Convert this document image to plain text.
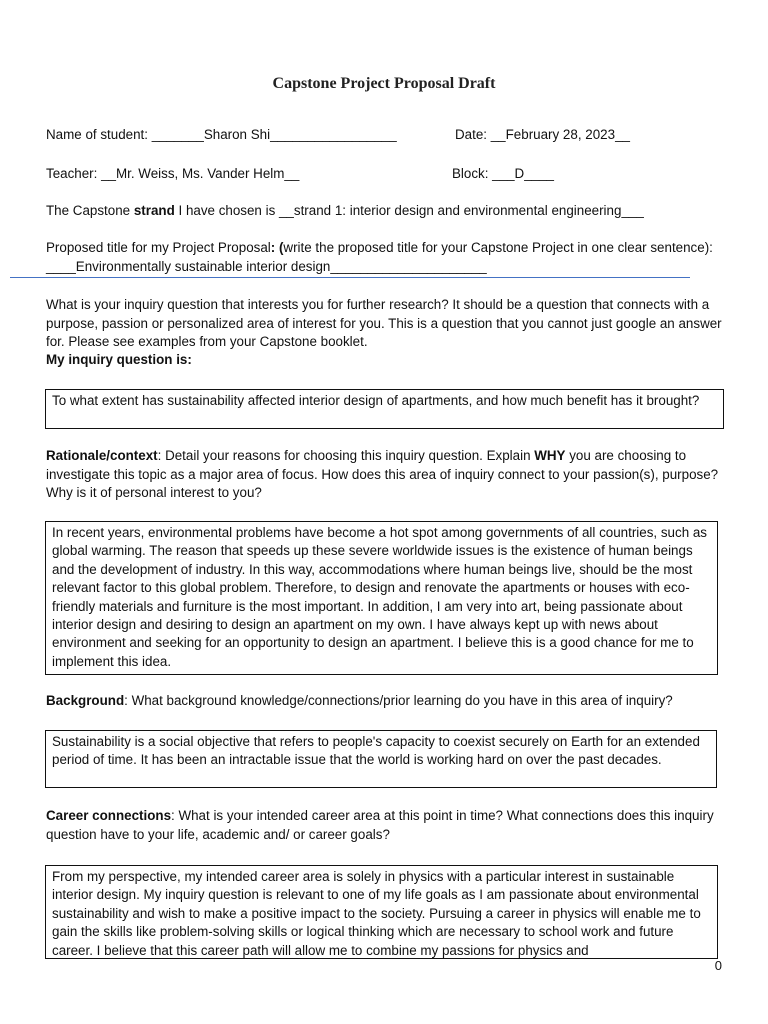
Capstone Project Proposal Draft
Name of student: _______Sharon Shi_________________	Date: __February 28, 2023__
Teacher: __Mr. Weiss, Ms. Vander Helm__	Block: ___D____
The Capstone strand I have chosen is __strand 1: interior design and environmental engineering___
Proposed title for my Project Proposal: (write the proposed title for your Capstone Project in one clear sentence): ____Environmentally sustainable interior design_____________________
What is your inquiry question that interests you for further research? It should be a question that connects with a purpose, passion or personalized area of interest for you. This is a question that you cannot just google an answer for. Please see examples from your Capstone booklet.
My inquiry question is:
To what extent has sustainability affected interior design of apartments, and how much benefit has it brought?
Rationale/context: Detail your reasons for choosing this inquiry question. Explain WHY you are choosing to investigate this topic as a major area of focus. How does this area of inquiry connect to your passion(s), purpose? Why is it of personal interest to you?
In recent years, environmental problems have become a hot spot among governments of all countries, such as global warming. The reason that speeds up these severe worldwide issues is the existence of human beings and the development of industry. In this way, accommodations where human beings live, should be the most relevant factor to this global problem. Therefore, to design and renovate the apartments or houses with eco-friendly materials and furniture is the most important. In addition, I am very into art, being passionate about interior design and desiring to design an apartment on my own. I have always kept up with news about environment and seeking for an opportunity to design an apartment. I believe this is a good chance for me to implement this idea.
Background: What background knowledge/connections/prior learning do you have in this area of inquiry?
Sustainability is a social objective that refers to people's capacity to coexist securely on Earth for an extended period of time. It has been an intractable issue that the world is working hard on over the past decades.
Career connections: What is your intended career area at this point in time? What connections does this inquiry question have to your life, academic and/ or career goals?
From my perspective, my intended career area is solely in physics with a particular interest in sustainable interior design. My inquiry question is relevant to one of my life goals as I am passionate about environmental sustainability and wish to make a positive impact to the society. Pursuing a career in physics will enable me to gain the skills like problem-solving skills or logical thinking which are necessary to school work and future career. I believe that this career path will allow me to combine my passions for physics and
0
